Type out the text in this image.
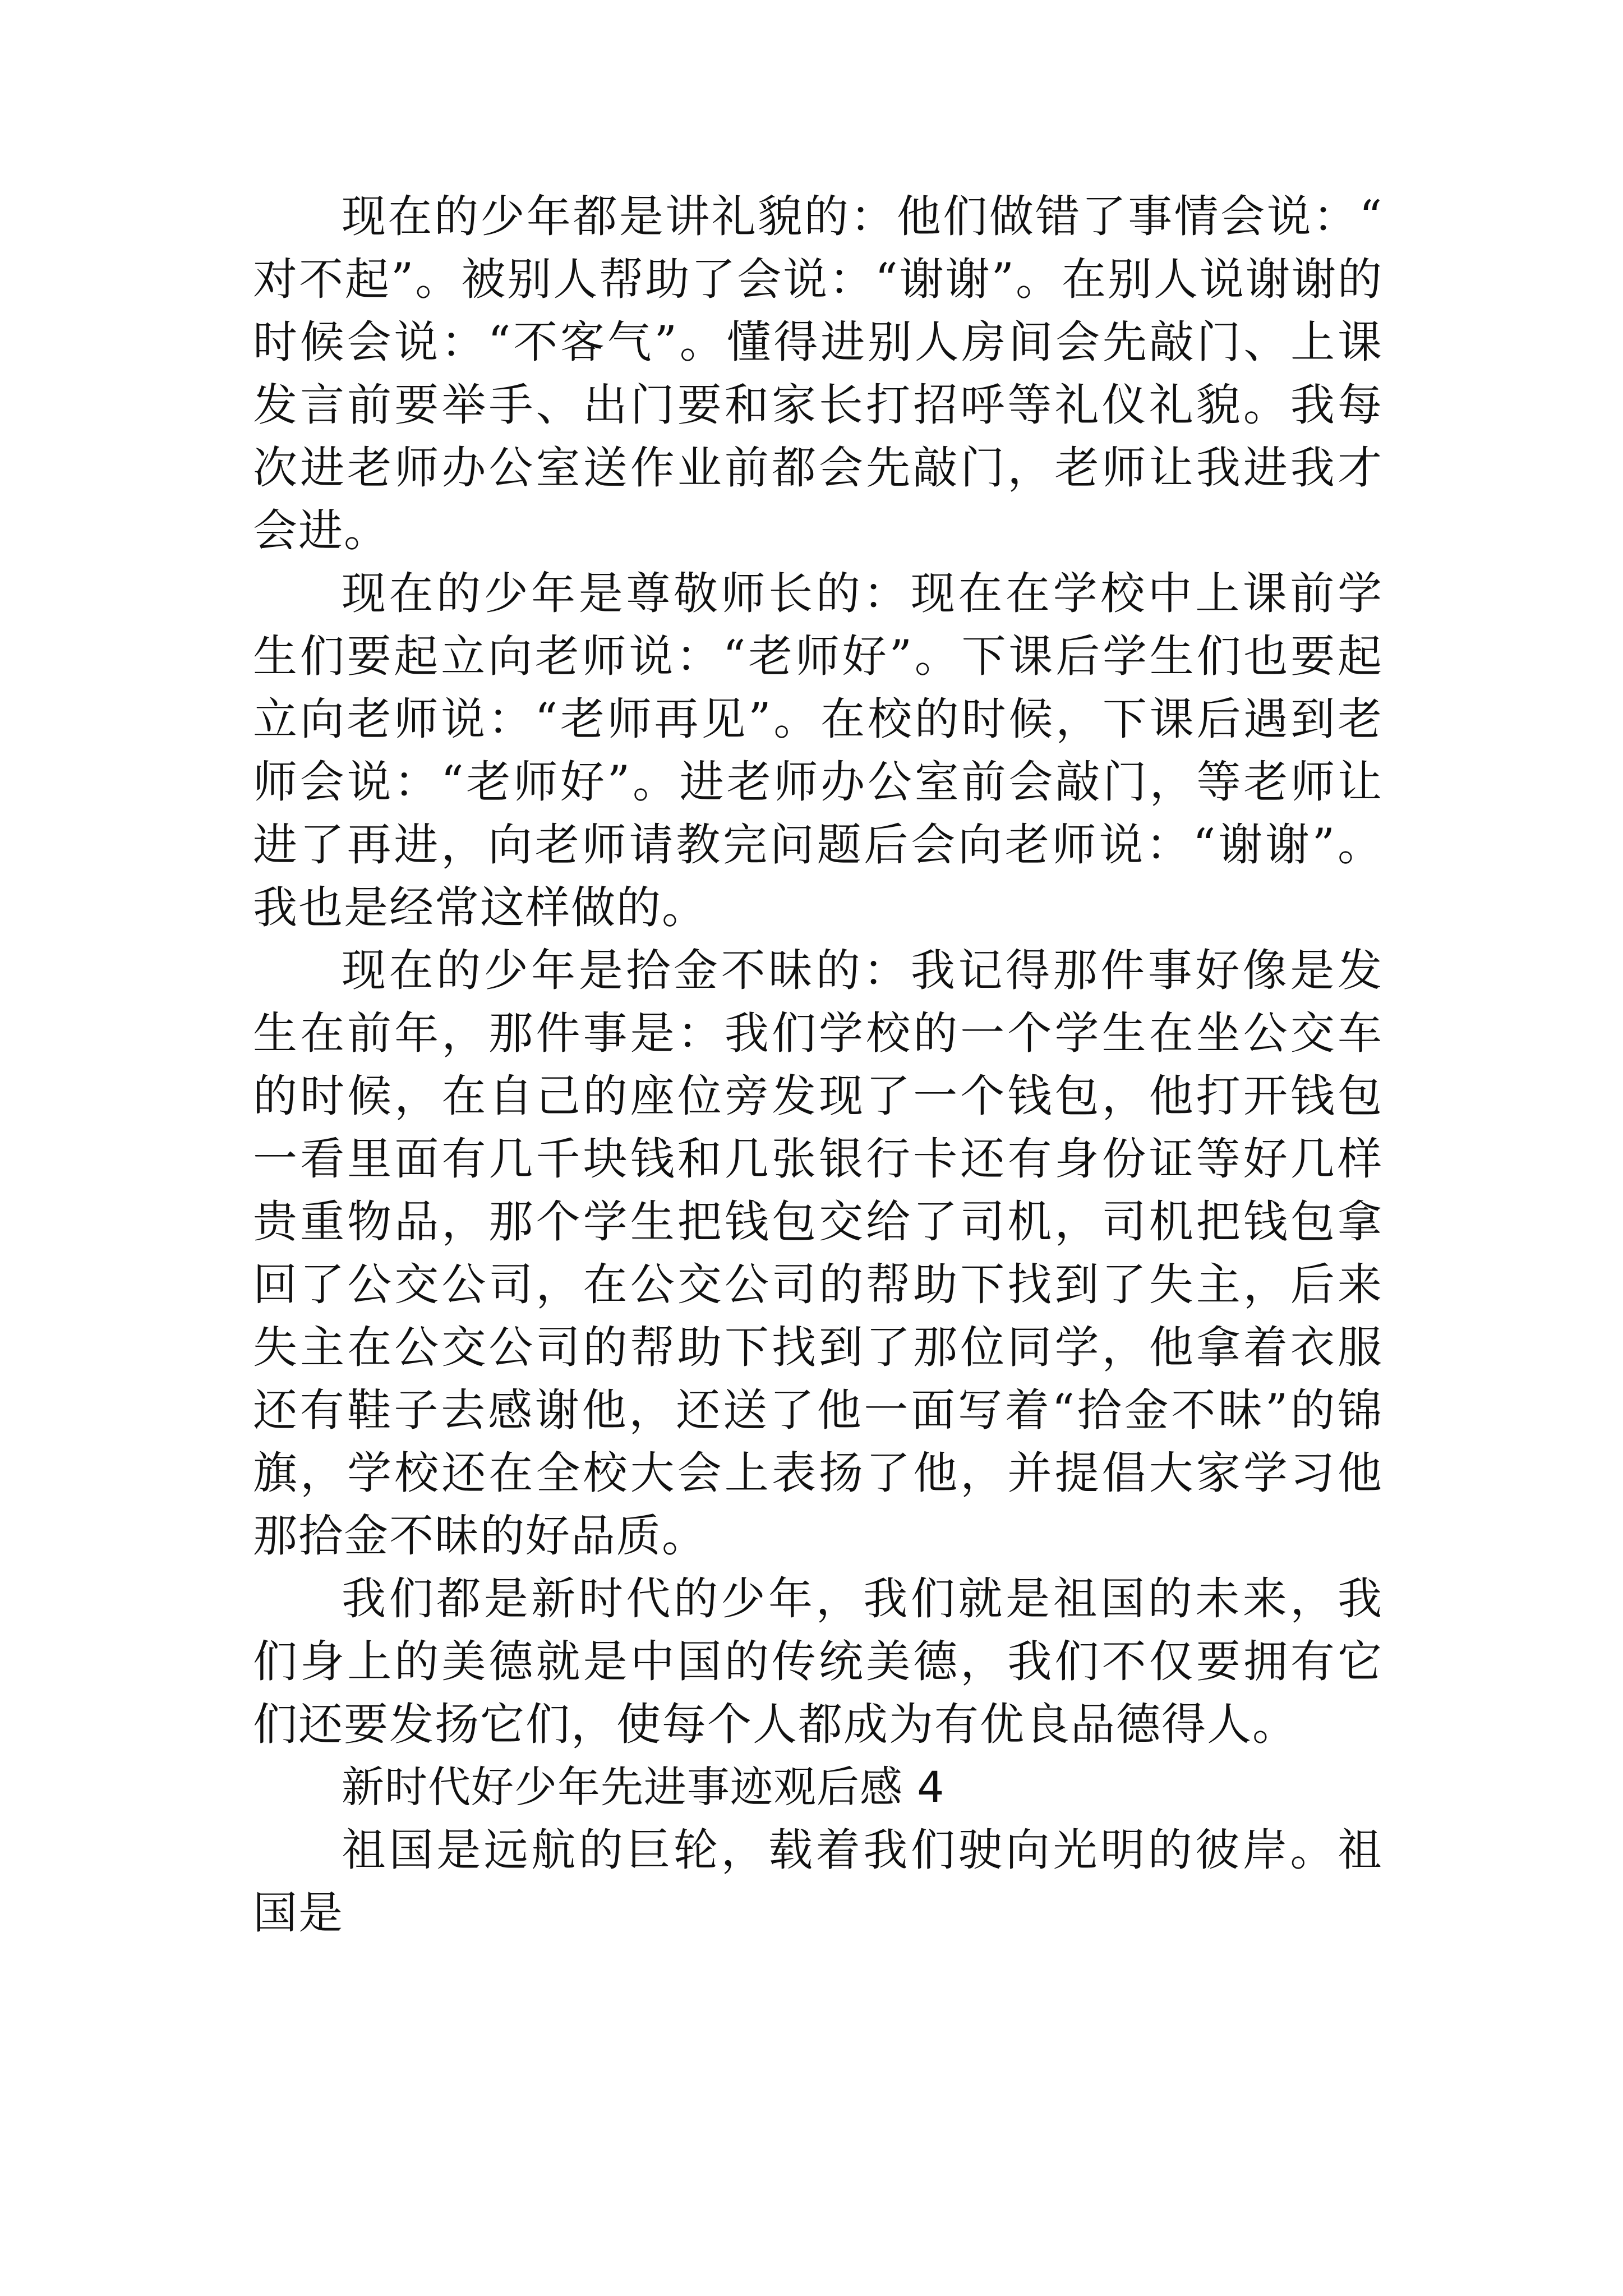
现在的少年都是讲礼貌的：他们做错了事情会说：“对不起”。被别人帮助了会说：“谢谢”。在别人说谢谢的时候会说：“不客气”。懂得进别人房间会先敲门、上课发言前要举手、出门要和家长打招呼等礼仪礼貌。我每次进老师办公室送作业前都会先敲门，老师让我进我才会进。

现在的少年是尊敬师长的：现在在学校中上课前学生们要起立向老师说：“老师好”。下课后学生们也要起立向老师说：“老师再见”。在校的时候，下课后遇到老师会说：“老师好”。进老师办公室前会敲门，等老师让进了再进，向老师请教完问题后会向老师说：“谢谢”。我也是经常这样做的。

现在的少年是拾金不昧的：我记得那件事好像是发生在前年，那件事是：我们学校的一个学生在坐公交车的时候，在自己的座位旁发现了一个钱包，他打开钱包一看里面有几千块钱和几张银行卡还有身份证等好几样贵重物品，那个学生把钱包交给了司机，司机把钱包拿回了公交公司，在公交公司的帮助下找到了失主，后来失主在公交公司的帮助下找到了那位同学，他拿着衣服还有鞋子去感谢他，还送了他一面写着“拾金不昧”的锦旗，学校还在全校大会上表扬了他，并提倡大家学习他那拾金不昧的好品质。

我们都是新时代的少年，我们就是祖国的未来，我们身上的美德就是中国的传统美德，我们不仅要拥有它们还要发扬它们，使每个人都成为有优良品德得人。

新时代好少年先进事迹观后感 4

祖国是远航的巨轮，载着我们驶向光明的彼岸。祖国是
